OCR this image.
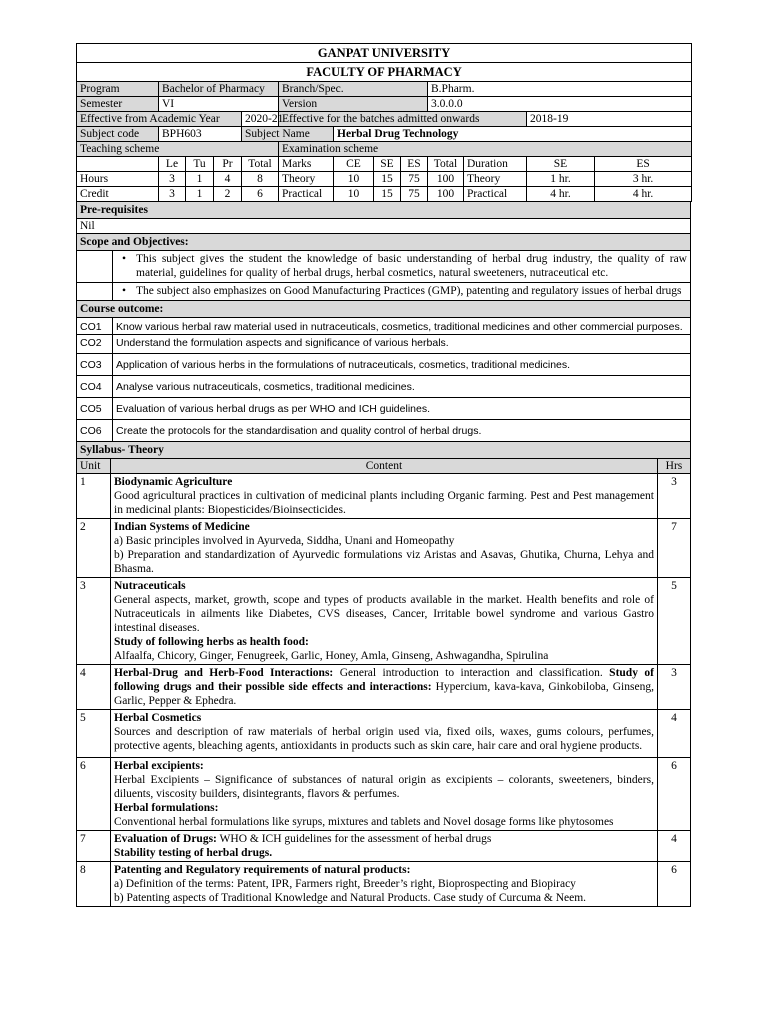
GANPAT UNIVERSITY												
FACULTY OF PHARMACY												
Program	Bachelor of Pharmacy				Branch/Spec.				B.Pharm.			
Semester	VI				Version				3.0.0.0			
Effective from Academic Year				2020-21	Effective for the batches admitted onwards						2018-19	
Subject code	BPH603			Subject Name		Herbal Drug Technology						
Teaching scheme					Examination scheme							
	Le	Tu	Pr	Total	Marks	CE	SE	ES	Total	Duration	SE	ES
Hours	3	1	4	8	Theory	10	15	75	100	Theory	1 hr.	3 hr.
Credit	3	1	2	6	Practical	10	15	75	100	Practical	4 hr.	4 hr.
Pre-requisites	
Nil	
Scope and Objectives:	

	• This subject gives the student the knowledge of basic understanding of herbal drug industry, the quality of raw material, guidelines for quality of herbal drugs, herbal cosmetics, natural sweeteners, nutraceutical etc.

	• The subject also emphasizes on Good Manufacturing Practices (GMP), patenting and regulatory issues of herbal drugs

Course outcome:	
CO1	Know various herbal raw material used in nutraceuticals, cosmetics, traditional medicines and other commercial purposes.
CO2	Understand the formulation aspects and significance of various herbals.
CO3	Application of various herbs in the formulations of nutraceuticals, cosmetics, traditional medicines.
CO4	Analyse various nutraceuticals, cosmetics, traditional medicines.
CO5	Evaluation of various herbal drugs as per WHO and ICH guidelines.
CO6	Create the protocols for the standardisation and quality control of herbal drugs.
Syllabus- Theory		
Unit	Content	Hrs
1	Biodynamic Agriculture
Good agricultural practices in cultivation of medicinal plants including Organic farming. Pest and Pest management in medicinal plants: Biopesticides/Bioinsecticides.	3
2	Indian Systems of Medicine
a) Basic principles involved in Ayurveda, Siddha, Unani and Homeopathy
b) Preparation and standardization of Ayurvedic formulations viz Aristas and Asavas, Ghutika, Churna, Lehya and Bhasma.	7
3	Nutraceuticals
General aspects, market, growth, scope and types of products available in the market. Health benefits and role of Nutraceuticals in ailments like Diabetes, CVS diseases, Cancer, Irritable bowel syndrome and various Gastro intestinal diseases.
Study of following herbs as health food:
Alfaalfa, Chicory, Ginger, Fenugreek, Garlic, Honey, Amla, Ginseng, Ashwagandha, Spirulina	5
4	Herbal-Drug and Herb-Food Interactions: General introduction to interaction and classification. Study of following drugs and their possible side effects and interactions: Hypercium, kava-kava, Ginkobiloba, Ginseng, Garlic, Pepper & Ephedra.	3
5	Herbal Cosmetics
Sources and description of raw materials of herbal origin used via, fixed oils, waxes, gums colours, perfumes, protective agents, bleaching agents, antioxidants in products such as skin care, hair care and oral hygiene products.	4
6	Herbal excipients:
Herbal Excipients – Significance of substances of natural origin as excipients – colorants, sweeteners, binders, diluents, viscosity builders, disintegrants, flavors & perfumes.
Herbal formulations:
Conventional herbal formulations like syrups, mixtures and tablets and Novel dosage forms like phytosomes	6
7	Evaluation of Drugs: WHO & ICH guidelines for the assessment of herbal drugs
Stability testing of herbal drugs.	4
8	Patenting and Regulatory requirements of natural products:
a) Definition of the terms: Patent, IPR, Farmers right, Breeder’s right, Bioprospecting and Biopiracy
b) Patenting aspects of Traditional Knowledge and Natural Products. Case study of Curcuma & Neem.	6
